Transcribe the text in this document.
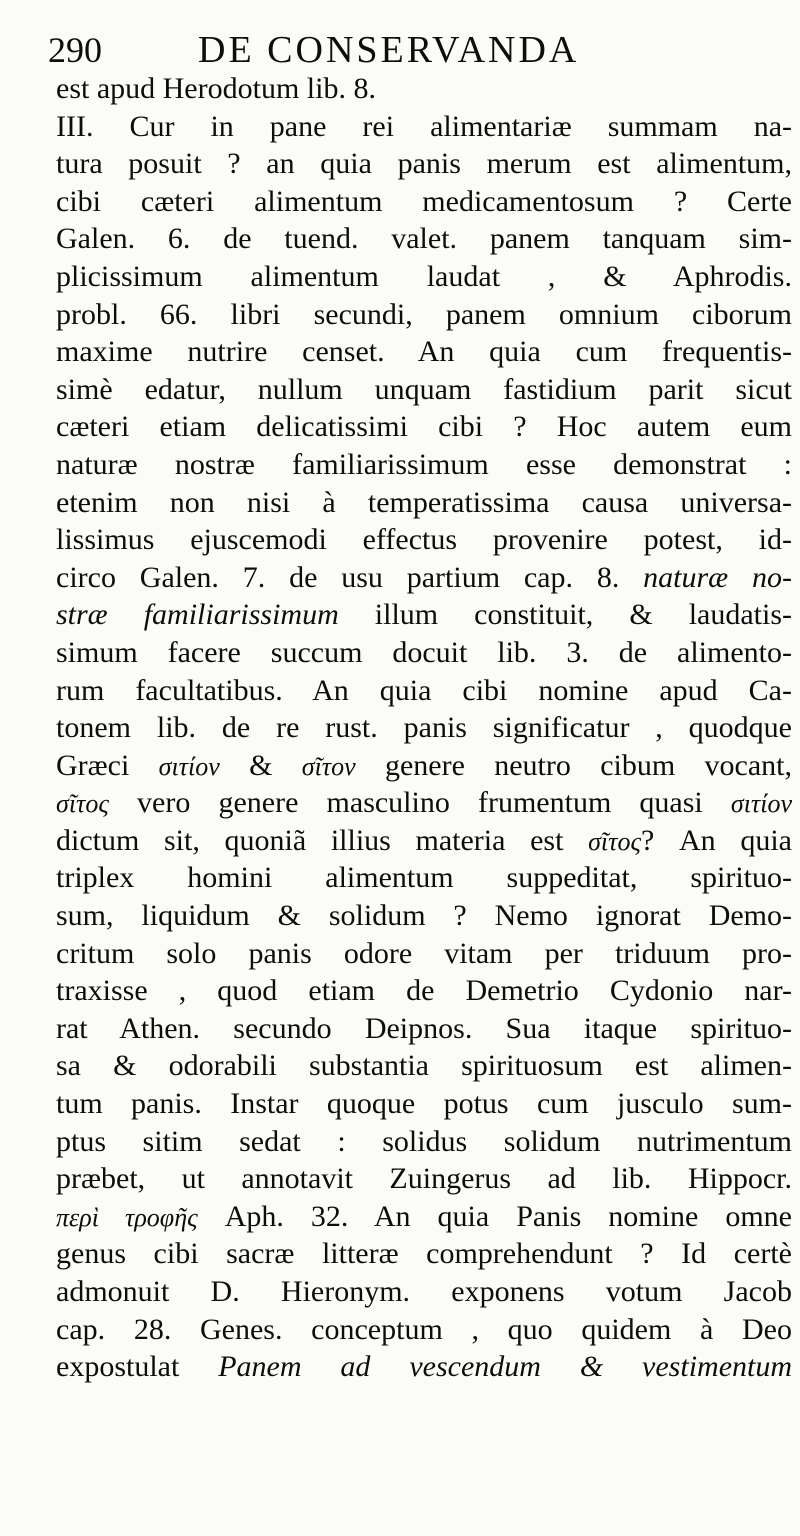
290	DE CONSERVANDA
est apud Herodotum lib. 8.
III. Cur in pane rei alimentariæ summam na-
tura posuit ? an quia panis merum est alimentum,
cibi cæteri alimentum medicamentosum ? Certe
Galen. 6. de tuend. valet. panem tanquam sim-
plicissimum alimentum laudat , & Aphrodis.
probl. 66. libri secundi, panem omnium ciborum
maxime nutrire censet. An quia cum frequentis-
simè edatur, nullum unquam fastidium parit sicut
cæteri etiam delicatissimi cibi ? Hoc autem eum
naturæ nostræ familiarissimum esse demonstrat :
etenim non nisi à temperatissima causa universa-
lissimus ejuscemodi effectus provenire potest, id-
circo Galen. 7. de usu partium cap. 8. naturæ no-
stræ familiarissimum illum constituit, & laudatis-
simum facere succum docuit lib. 3. de alimento-
rum facultatibus. An quia cibi nomine apud Ca-
tonem lib. de re rust. panis significatur , quodque
Græci σιτίον & σῖτον genere neutro cibum vocant,
σῖτος vero genere masculino frumentum quasi σιτίον
dictum sit, quoniã illius materia est σῖτος? An quia
triplex homini alimentum suppeditat, spirituo-
sum, liquidum & solidum ? Nemo ignorat Demo-
critum solo panis odore vitam per triduum pro-
traxisse , quod etiam de Demetrio Cydonio nar-
rat Athen. secundo Deipnos. Sua itaque spirituo-
sa & odorabili substantia spirituosum est alimen-
tum panis. Instar quoque potus cum jusculo sum-
ptus sitim sedat : solidus solidum nutrimentum
præbet, ut annotavit Zuingerus ad lib. Hippocr.
περὶ τροφῆς Aph. 32. An quia Panis nomine omne
genus cibi sacræ litteræ comprehendunt ? Id certè
admonuit D. Hieronym. exponens votum Jacob
cap. 28. Genes. conceptum , quo quidem à Deo
expostulat Panem ad vescendum & vestimentum
